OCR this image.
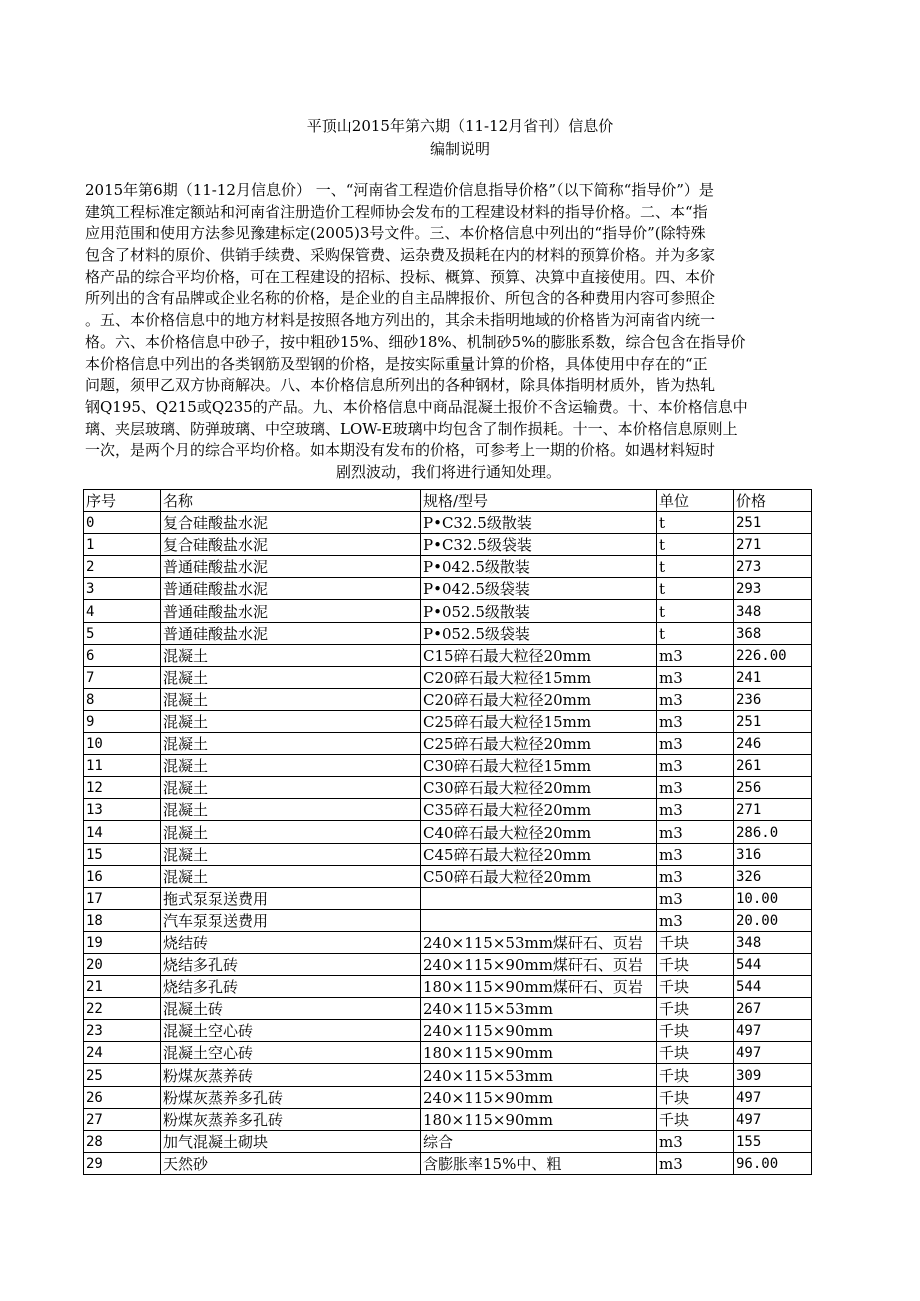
平顶山2015年第六期（11-12月省刊）信息价
编制说明
2015年第6期（11-12月信息价） 一、“河南省工程造价信息指导价格”（以下简称“指导价”）是
建筑工程标准定额站和河南省注册造价工程师协会发布的工程建设材料的指导价格。二、本“指
应用范围和使用方法参见豫建标定(2005)3号文件。三、本价格信息中列出的“指导价”(除特殊
包含了材料的原价、供销手续费、采购保管费、运杂费及损耗在内的材料的预算价格。并为多家
格产品的综合平均价格，可在工程建设的招标、投标、概算、预算、决算中直接使用。四、本价
所列出的含有品牌或企业名称的价格，是企业的自主品牌报价、所包含的各种费用内容可参照企
。五、本价格信息中的地方材料是按照各地方列出的，其余未指明地域的价格皆为河南省内统一
格。六、本价格信息中砂子，按中粗砂15%、细砂18%、机制砂5%的膨胀系数，综合包含在指导价
本价格信息中列出的各类钢筋及型钢的价格，是按实际重量计算的价格，具体使用中存在的“正
问题，须甲乙双方协商解决。八、本价格信息所列出的各种钢材，除具体指明材质外，皆为热轧
钢Q195、Q215或Q235的产品。九、本价格信息中商品混凝土报价不含运输费。十、本价格信息中
璃、夹层玻璃、防弹玻璃、中空玻璃、LOW-E玻璃中均包含了制作损耗。十一、本价格信息原则上
一次，是两个月的综合平均价格。如本期没有发布的价格，可参考上一期的价格。如遇材料短时
剧烈波动，我们将进行通知处理。
序号	名称	规格/型号	单位	价格
0	复合硅酸盐水泥	P•C32.5级散装	t	251
1	复合硅酸盐水泥	P•C32.5级袋装	t	271
2	普通硅酸盐水泥	P•042.5级散装	t	273
3	普通硅酸盐水泥	P•042.5级袋装	t	293
4	普通硅酸盐水泥	P•052.5级散装	t	348
5	普通硅酸盐水泥	P•052.5级袋装	t	368
6	混凝土	C15碎石最大粒径20mm	m3	226.00
7	混凝土	C20碎石最大粒径15mm	m3	241
8	混凝土	C20碎石最大粒径20mm	m3	236
9	混凝土	C25碎石最大粒径15mm	m3	251
10	混凝土	C25碎石最大粒径20mm	m3	246
11	混凝土	C30碎石最大粒径15mm	m3	261
12	混凝土	C30碎石最大粒径20mm	m3	256
13	混凝土	C35碎石最大粒径20mm	m3	271
14	混凝土	C40碎石最大粒径20mm	m3	286.0
15	混凝土	C45碎石最大粒径20mm	m3	316
16	混凝土	C50碎石最大粒径20mm	m3	326
17	拖式泵泵送费用		m3	10.00
18	汽车泵泵送费用		m3	20.00
19	烧结砖	240×115×53mm煤矸石、页岩	千块	348
20	烧结多孔砖	240×115×90mm煤矸石、页岩	千块	544
21	烧结多孔砖	180×115×90mm煤矸石、页岩	千块	544
22	混凝土砖	240×115×53mm	千块	267
23	混凝土空心砖	240×115×90mm	千块	497
24	混凝土空心砖	180×115×90mm	千块	497
25	粉煤灰蒸养砖	240×115×53mm	千块	309
26	粉煤灰蒸养多孔砖	240×115×90mm	千块	497
27	粉煤灰蒸养多孔砖	180×115×90mm	千块	497
28	加气混凝土砌块	综合	m3	155
29	天然砂	含膨胀率15%中、粗	m3	96.00
